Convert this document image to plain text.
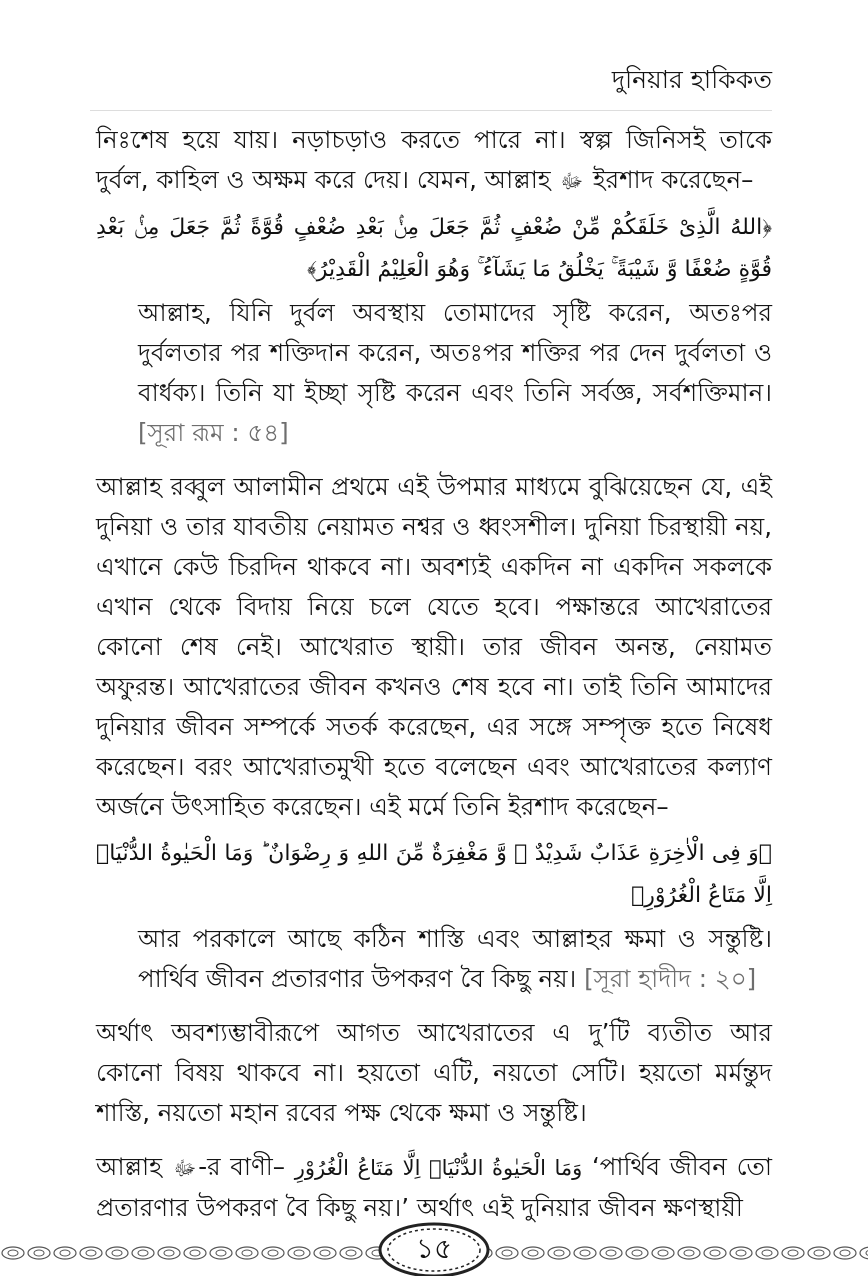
দুনিয়ার হাকিকত

নিঃশেষ হয়ে যায়। নড়াচড়াও করতে পারে না। স্বল্প জিনিসই তাকে দুর্বল, কাহিল ও অক্ষম করে দেয়। যেমন, আল্লাহ ﷻ ইরশাদ করেছেন–

﴿اللهُ الَّذِىْ خَلَقَكُمْ مِّنْ ضُعْفٍ ثُمَّ جَعَلَ مِنْۢ بَعْدِ ضُعْفٍ قُوَّةً ثُمَّ جَعَلَ مِنْۢ بَعْدِ قُوَّةٍ ضُعْفًا وَّ شَيْبَةً ۚ يَخْلُقُ مَا يَشَآءُ ۚ وَهُوَ الْعَلِيْمُ الْقَدِيْرُ﴾

আল্লাহ, যিনি দুর্বল অবস্থায় তোমাদের সৃষ্টি করেন, অতঃপর দুর্বলতার পর শক্তিদান করেন, অতঃপর শক্তির পর দেন দুর্বলতা ও বার্ধক্য। তিনি যা ইচ্ছা সৃষ্টি করেন এবং তিনি সর্বজ্ঞ, সর্বশক্তিমান। [সূরা রূম : ৫৪]

আল্লাহ রব্বুল আলামীন প্রথমে এই উপমার মাধ্যমে বুঝিয়েছেন যে, এই দুনিয়া ও তার যাবতীয় নেয়ামত নশ্বর ও ধ্বংসশীল। দুনিয়া চিরস্থায়ী নয়, এখানে কেউ চিরদিন থাকবে না। অবশ্যই একদিন না একদিন সকলকে এখান থেকে বিদায় নিয়ে চলে যেতে হবে। পক্ষান্তরে আখেরাতের কোনো শেষ নেই। আখেরাত স্থায়ী। তার জীবন অনন্ত, নেয়ামত অফুরন্ত। আখেরাতের জীবন কখনও শেষ হবে না। তাই তিনি আমাদের দুনিয়ার জীবন সম্পর্কে সতর্ক করেছেন, এর সঙ্গে সম্পৃক্ত হতে নিষেধ করেছেন। বরং আখেরাতমুখী হতে বলেছেন এবং আখেরাতের কল্যাণ অর্জনে উৎসাহিত করেছেন। এই মর্মে তিনি ইরশাদ করেছেন–

﴿وَ فِى الْاٰخِرَةِ عَذَابٌ شَدِيْدٌ ۙ وَّ مَغْفِرَةٌ مِّنَ اللهِ وَ رِضْوَانٌ ؕ وَمَا الْحَيٰوةُ الدُّنْيَاۤ اِلَّا مَتَاعُ الْغُرُوْرِ﴾

আর পরকালে আছে কঠিন শাস্তি এবং আল্লাহর ক্ষমা ও সন্তুষ্টি। পার্থিব জীবন প্রতারণার উপকরণ বৈ কিছু নয়। [সূরা হাদীদ : ২০]

অর্থাৎ অবশ্যম্ভাবীরূপে আগত আখেরাতের এ দু’টি ব্যতীত আর কোনো বিষয় থাকবে না। হয়তো এটি, নয়তো সেটি। হয়তো মর্মন্তুদ শাস্তি, নয়তো মহান রবের পক্ষ থেকে ক্ষমা ও সন্তুষ্টি।

আল্লাহ ﷻ-র বাণী– وَمَا الْحَيٰوةُ الدُّنْيَاۤ اِلَّا مَتَاعُ الْغُرُوْرِ ‘পার্থিব জীবন তো প্রতারণার উপকরণ বৈ কিছু নয়।’ অর্থাৎ এই দুনিয়ার জীবন ক্ষণস্থায়ী

১৫
